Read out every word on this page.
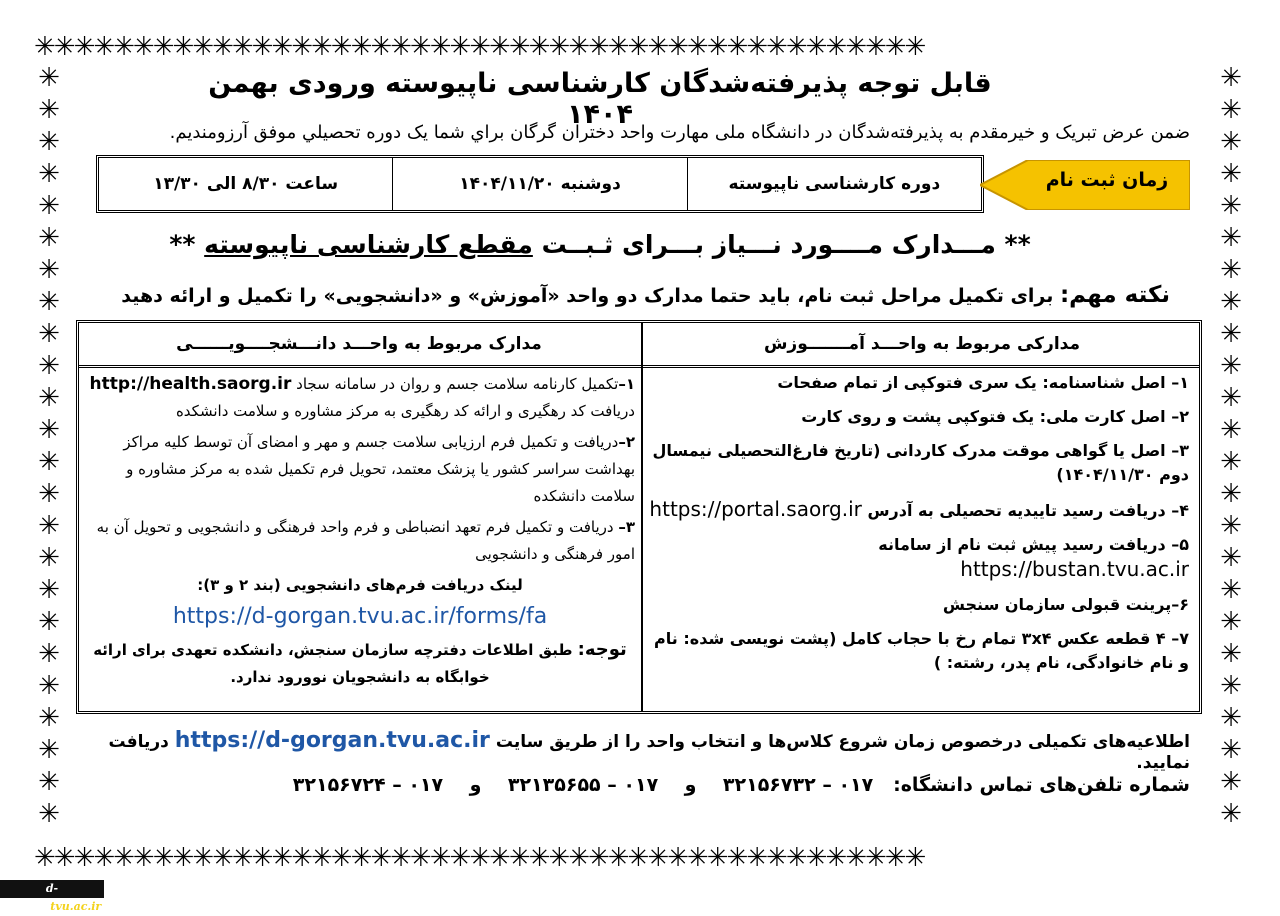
✳✳✳✳✳✳✳✳✳✳✳✳✳✳✳✳✳✳✳✳✳✳✳✳✳✳✳✳✳✳✳✳✳✳✳✳✳✳✳✳✳✳✳✳✳
✳✳✳✳✳✳✳✳✳✳✳✳✳✳✳✳✳✳✳✳✳✳✳✳✳✳✳✳✳✳✳✳✳✳✳✳✳✳✳✳✳✳✳✳✳
✳
✳
✳
✳
✳
✳
✳
✳
✳
✳
✳
✳
✳
✳
✳
✳
✳
✳
✳
✳
✳
✳
✳
✳
✳
✳
✳
✳
✳
✳
✳
✳
✳
✳
✳
✳
✳
✳
✳
✳
✳
✳
✳
✳
✳
✳
✳
✳
قابل توجه پذیرفته‌شدگان کارشناسی ناپیوسته ورودی بهمن ۱۴۰۴
ضمن عرض تبریک و خیرمقدم به پذیرفته‌شدگان در دانشگاه ملی مهارت واحد دختران گرگان براي شما يک دوره تحصيلي موفق آرزومنديم.
دوره کارشناسی ناپیوسته
دوشنبه ۱۴۰۴/۱۱/۲۰
ساعت ۸/۳۰ الی ۱۳/۳۰	زمان ثبت نام
** مـــدارک مــــورد نـــیاز بـــرای ثـبــت مقطع کارشناسی ناپیوسته **
نکته مهم: برای تکمیل مراحل ثبت نام، باید حتما مدارک دو واحد «آموزش» و «دانشجویی» را تکمیل و ارائه دهید
مدارکی مربوط به واحـــد آمـــــــوزش
مدارک مربوط به واحـــد دانـــشجــــويــــــی
۱– اصل شناسنامه: یک سری فتوکپی از تمام صفحات
۲– اصل کارت ملی: یک فتوکپی پشت و روی کارت
۳– اصل یا گواهی موقت مدرک کاردانی (تاریخ فارغ‌التحصیلی نیمسال دوم ۱۴۰۴/۱۱/۳۰)
۴– دریافت رسید تاییدیه تحصیلی به آدرس https://portal.saorg.ir
۵– دریافت رسید پیش ثبت نام از سامانه https://bustan.tvu.ac.ir
۶–پرینت قبولی سازمان سنجش
۷– ۴ قطعه عکس ۳x۴ تمام رخ با حجاب کامل (پشت نویسی شده: نام و نام خانوادگی، نام پدر، رشته: )
۱–تکمیل کارنامه سلامت جسم و روان در سامانه سجاد http://health.saorg.ir
دریافت کد رهگیری و ارائه کد رهگیری به مرکز مشاوره و سلامت دانشکده
۲–دریافت و تکمیل فرم ارزیابی سلامت جسم و مهر و امضای آن توسط کلیه مراکز بهداشت سراسر کشور یا پزشک معتمد، تحویل فرم تکمیل شده به مرکز مشاوره و سلامت دانشکده
۳– دریافت و تکمیل فرم تعهد انضباطی و فرم واحد فرهنگی و دانشجویی و تحویل آن به امور فرهنگی و دانشجویی
لینک دریافت فرم‌های دانشجویی (بند ۲ و ۳):
https://d-gorgan.tvu.ac.ir/forms/fa
توجه: طبق اطلاعات دفترچه سازمان سنجش، دانشکده تعهدی برای ارائه خوابگاه به دانشجویان نوورود ندارد.
اطلاعیه‌های تکمیلی درخصوص زمان شروع کلاس‌ها و انتخاب واحد را از طریق سایت https://d-gorgan.tvu.ac.ir دریافت نمایید.
شماره تلفن‌های تماس دانشگاه:   ۰۱۷ – ۳۲۱۵۶۷۳۲    و    ۰۱۷ – ۳۲۱۳۵۶۵۵    و    ۰۱۷ – ۳۲۱۵۶۷۲۴
d-gorgan.tvu.ac.ir
